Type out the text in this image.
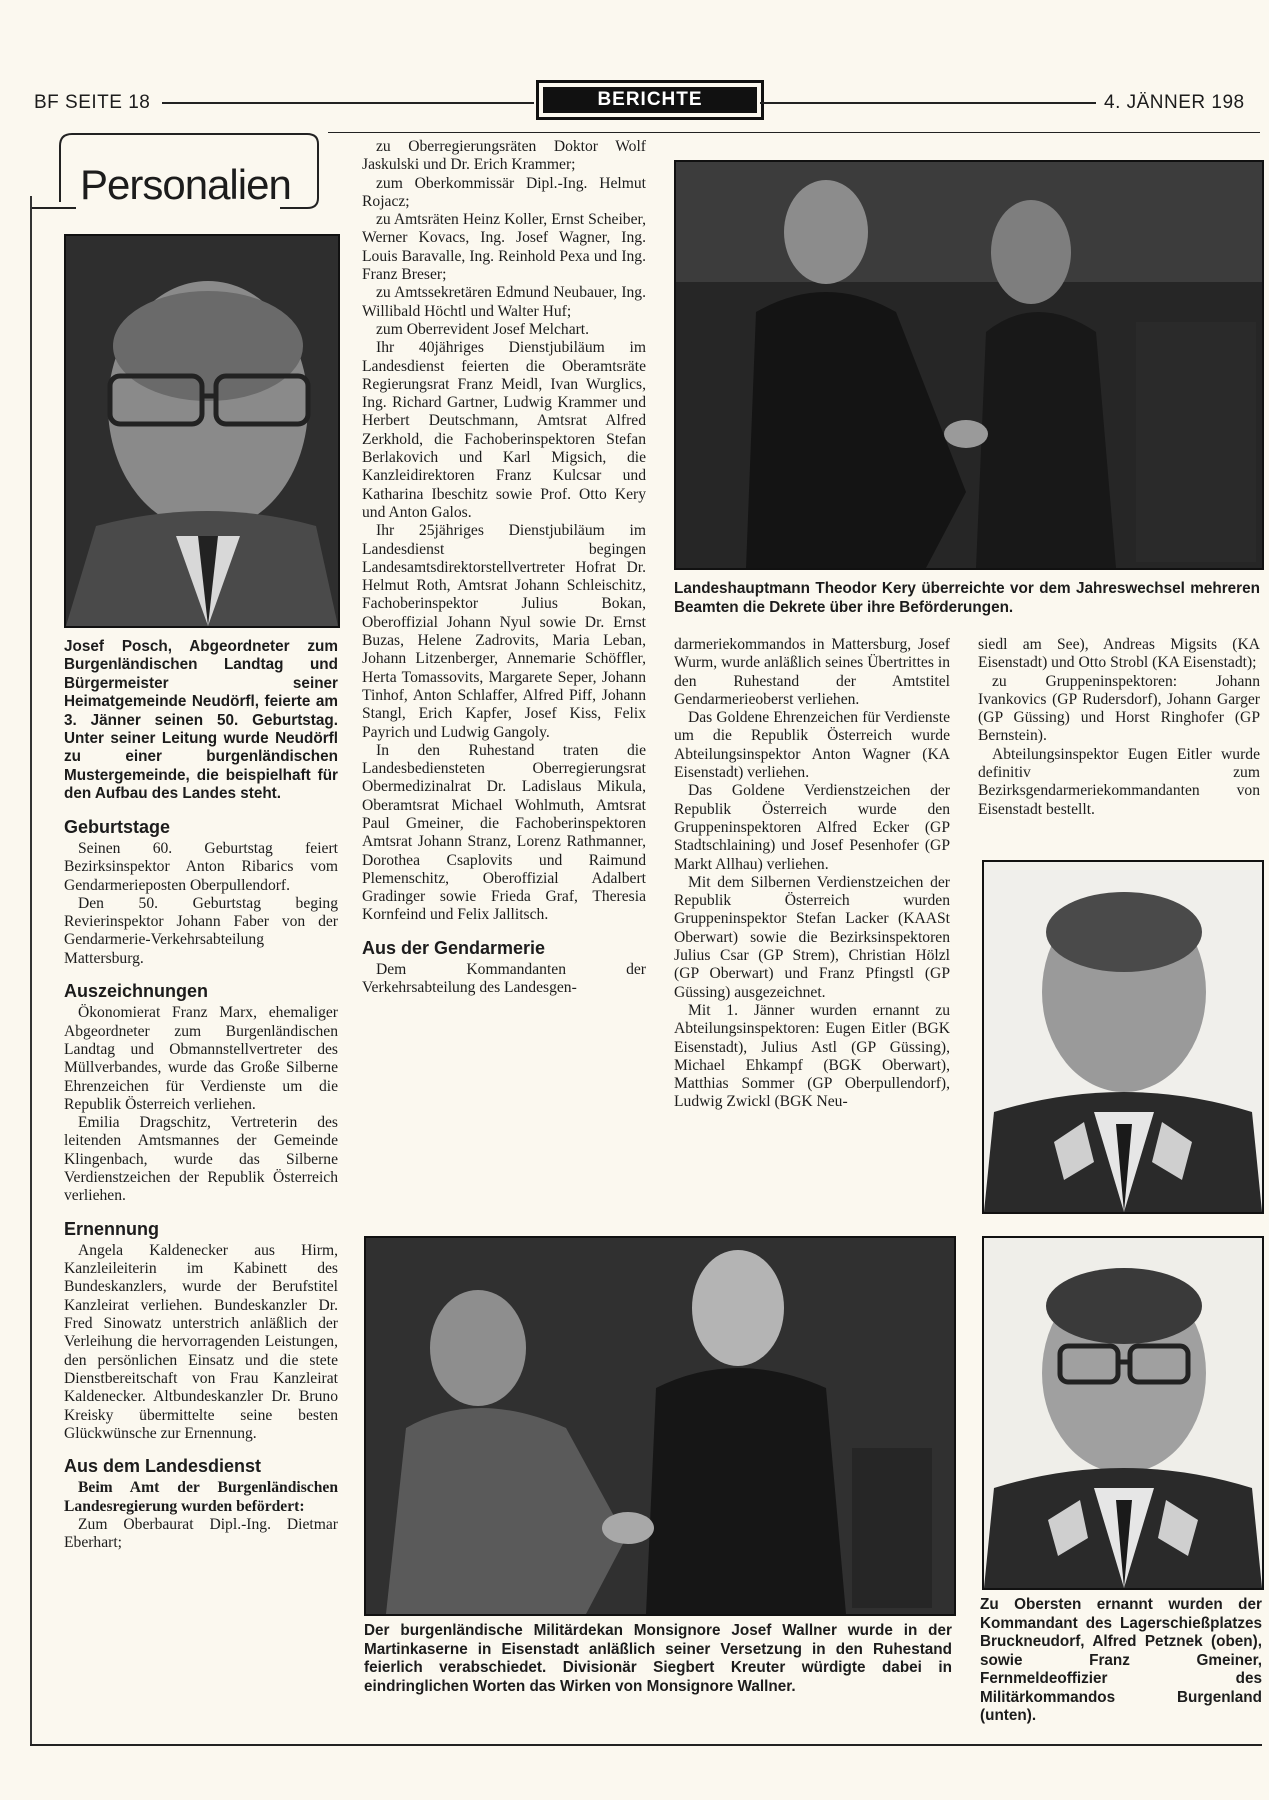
BF SEITE 18	BERICHTE	4. JÄNNER 198
Personalien

Josef Posch, Abgeordneter zum Burgenländischen Landtag und Bürgermeister seiner Heimatgemeinde Neudörfl, feierte am 3. Jänner seinen 50. Geburtstag. Unter seiner Leitung wurde Neudörfl zu einer burgenländischen Mustergemeinde, die beispielhaft für den Aufbau des Landes steht.

Geburtstage

Seinen 60. Geburtstag feiert Bezirksinspektor Anton Ribarics vom Gendarmerieposten Oberpullendorf.

Den 50. Geburtstag beging Revierinspektor Johann Faber von der Gendarmerie-Verkehrsabteilung Mattersburg.

Auszeichnungen

Ökonomierat Franz Marx, ehemaliger Abgeordneter zum Burgenländischen Landtag und Obmannstellvertreter des Müllverbandes, wurde das Große Silberne Ehrenzeichen für Verdienste um die Republik Österreich verliehen.

Emilia Dragschitz, Vertreterin des leitenden Amtsmannes der Gemeinde Klingenbach, wurde das Silberne Verdienstzeichen der Republik Österreich verliehen.

Ernennung

Angela Kaldenecker aus Hirm, Kanzleileiterin im Kabinett des Bundeskanzlers, wurde der Berufstitel Kanzleirat verliehen. Bundeskanzler Dr. Fred Sinowatz unterstrich anläßlich der Verleihung die hervorragenden Leistungen, den persönlichen Einsatz und die stete Dienstbereitschaft von Frau Kanzleirat Kaldenecker. Altbundeskanzler Dr. Bruno Kreisky übermittelte seine besten Glückwünsche zur Ernennung.

Aus dem Landesdienst

Beim Amt der Burgenländischen Landesregierung wurden befördert:

Zum Oberbaurat Dipl.-Ing. Dietmar Eberhart;

zu Oberregierungsräten Doktor Wolf Jaskulski und Dr. Erich Krammer;

zum Oberkommissär Dipl.-Ing. Helmut Rojacz;

zu Amtsräten Heinz Koller, Ernst Scheiber, Werner Kovacs, Ing. Josef Wagner, Ing. Louis Baravalle, Ing. Reinhold Pexa und Ing. Franz Breser;

zu Amtssekretären Edmund Neubauer, Ing. Willibald Höchtl und Walter Huf;

zum Oberrevident Josef Melchart.

Ihr 40jähriges Dienstjubiläum im Landesdienst feierten die Oberamtsräte Regierungsrat Franz Meidl, Ivan Wurglics, Ing. Richard Gartner, Ludwig Krammer und Herbert Deutschmann, Amtsrat Alfred Zerkhold, die Fachoberinspektoren Stefan Berlakovich und Karl Migsich, die Kanzleidirektoren Franz Kulcsar und Katharina Ibeschitz sowie Prof. Otto Kery und Anton Galos.

Ihr 25jähriges Dienstjubiläum im Landesdienst begingen Landesamtsdirektorstellvertreter Hofrat Dr. Helmut Roth, Amtsrat Johann Schleischitz, Fachoberinspektor Julius Bokan, Oberoffizial Johann Nyul sowie Dr. Ernst Buzas, Helene Zadrovits, Maria Leban, Johann Litzenberger, Annemarie Schöffler, Herta Tomassovits, Margarete Seper, Johann Tinhof, Anton Schlaffer, Alfred Piff, Johann Stangl, Erich Kapfer, Josef Kiss, Felix Payrich und Ludwig Gangoly.

In den Ruhestand traten die Landesbediensteten Oberregierungsrat Obermedizinalrat Dr. Ladislaus Mikula, Oberamtsrat Michael Wohlmuth, Amtsrat Paul Gmeiner, die Fachoberinspektoren Amtsrat Johann Stranz, Lorenz Rathmanner, Dorothea Csaplovits und Raimund Plemenschitz, Oberoffizial Adalbert Gradinger sowie Frieda Graf, Theresia Kornfeind und Felix Jallitsch.

Aus der Gendarmerie

Dem Kommandanten der Verkehrsabteilung des Landesgen-

Landeshauptmann Theodor Kery überreichte vor dem Jahreswechsel mehreren Beamten die Dekrete über ihre Beförderungen.

darmeriekommandos in Mattersburg, Josef Wurm, wurde anläßlich seines Übertrittes in den Ruhestand der Amtstitel Gendarmerieoberst verliehen.

Das Goldene Ehrenzeichen für Verdienste um die Republik Österreich wurde Abteilungsinspektor Anton Wagner (KA Eisenstadt) verliehen.

Das Goldene Verdienstzeichen der Republik Österreich wurde den Gruppeninspektoren Alfred Ecker (GP Stadtschlaining) und Josef Pesenhofer (GP Markt Allhau) verliehen.

Mit dem Silbernen Verdienstzeichen der Republik Österreich wurden Gruppeninspektor Stefan Lacker (KAASt Oberwart) sowie die Bezirksinspektoren Julius Csar (GP Strem), Christian Hölzl (GP Oberwart) und Franz Pfingstl (GP Güssing) ausgezeichnet.

Mit 1. Jänner wurden ernannt zu Abteilungsinspektoren: Eugen Eitler (BGK Eisenstadt), Julius Astl (GP Güssing), Michael Ehkampf (BGK Oberwart), Matthias Sommer (GP Oberpullendorf), Ludwig Zwickl (BGK Neu-

siedl am See), Andreas Migsits (KA Eisenstadt) und Otto Strobl (KA Eisenstadt);

zu Gruppeninspektoren: Johann Ivankovics (GP Rudersdorf), Johann Garger (GP Güssing) und Horst Ringhofer (GP Bernstein).

Abteilungsinspektor Eugen Eitler wurde definitiv zum Bezirksgendarmeriekommandanten von Eisenstadt bestellt.

Zu Obersten ernannt wurden der Kommandant des Lagerschießplatzes Bruckneudorf, Alfred Petznek (oben), sowie Franz Gmeiner, Fernmeldeoffizier des Militärkommandos Burgenland (unten).
Der burgenländische Militärdekan Monsignore Josef Wallner wurde in der Martinkaserne in Eisenstadt anläßlich seiner Versetzung in den Ruhestand feierlich verabschiedet. Divisionär Siegbert Kreuter würdigte dabei in eindringlichen Worten das Wirken von Monsignore Wallner.
